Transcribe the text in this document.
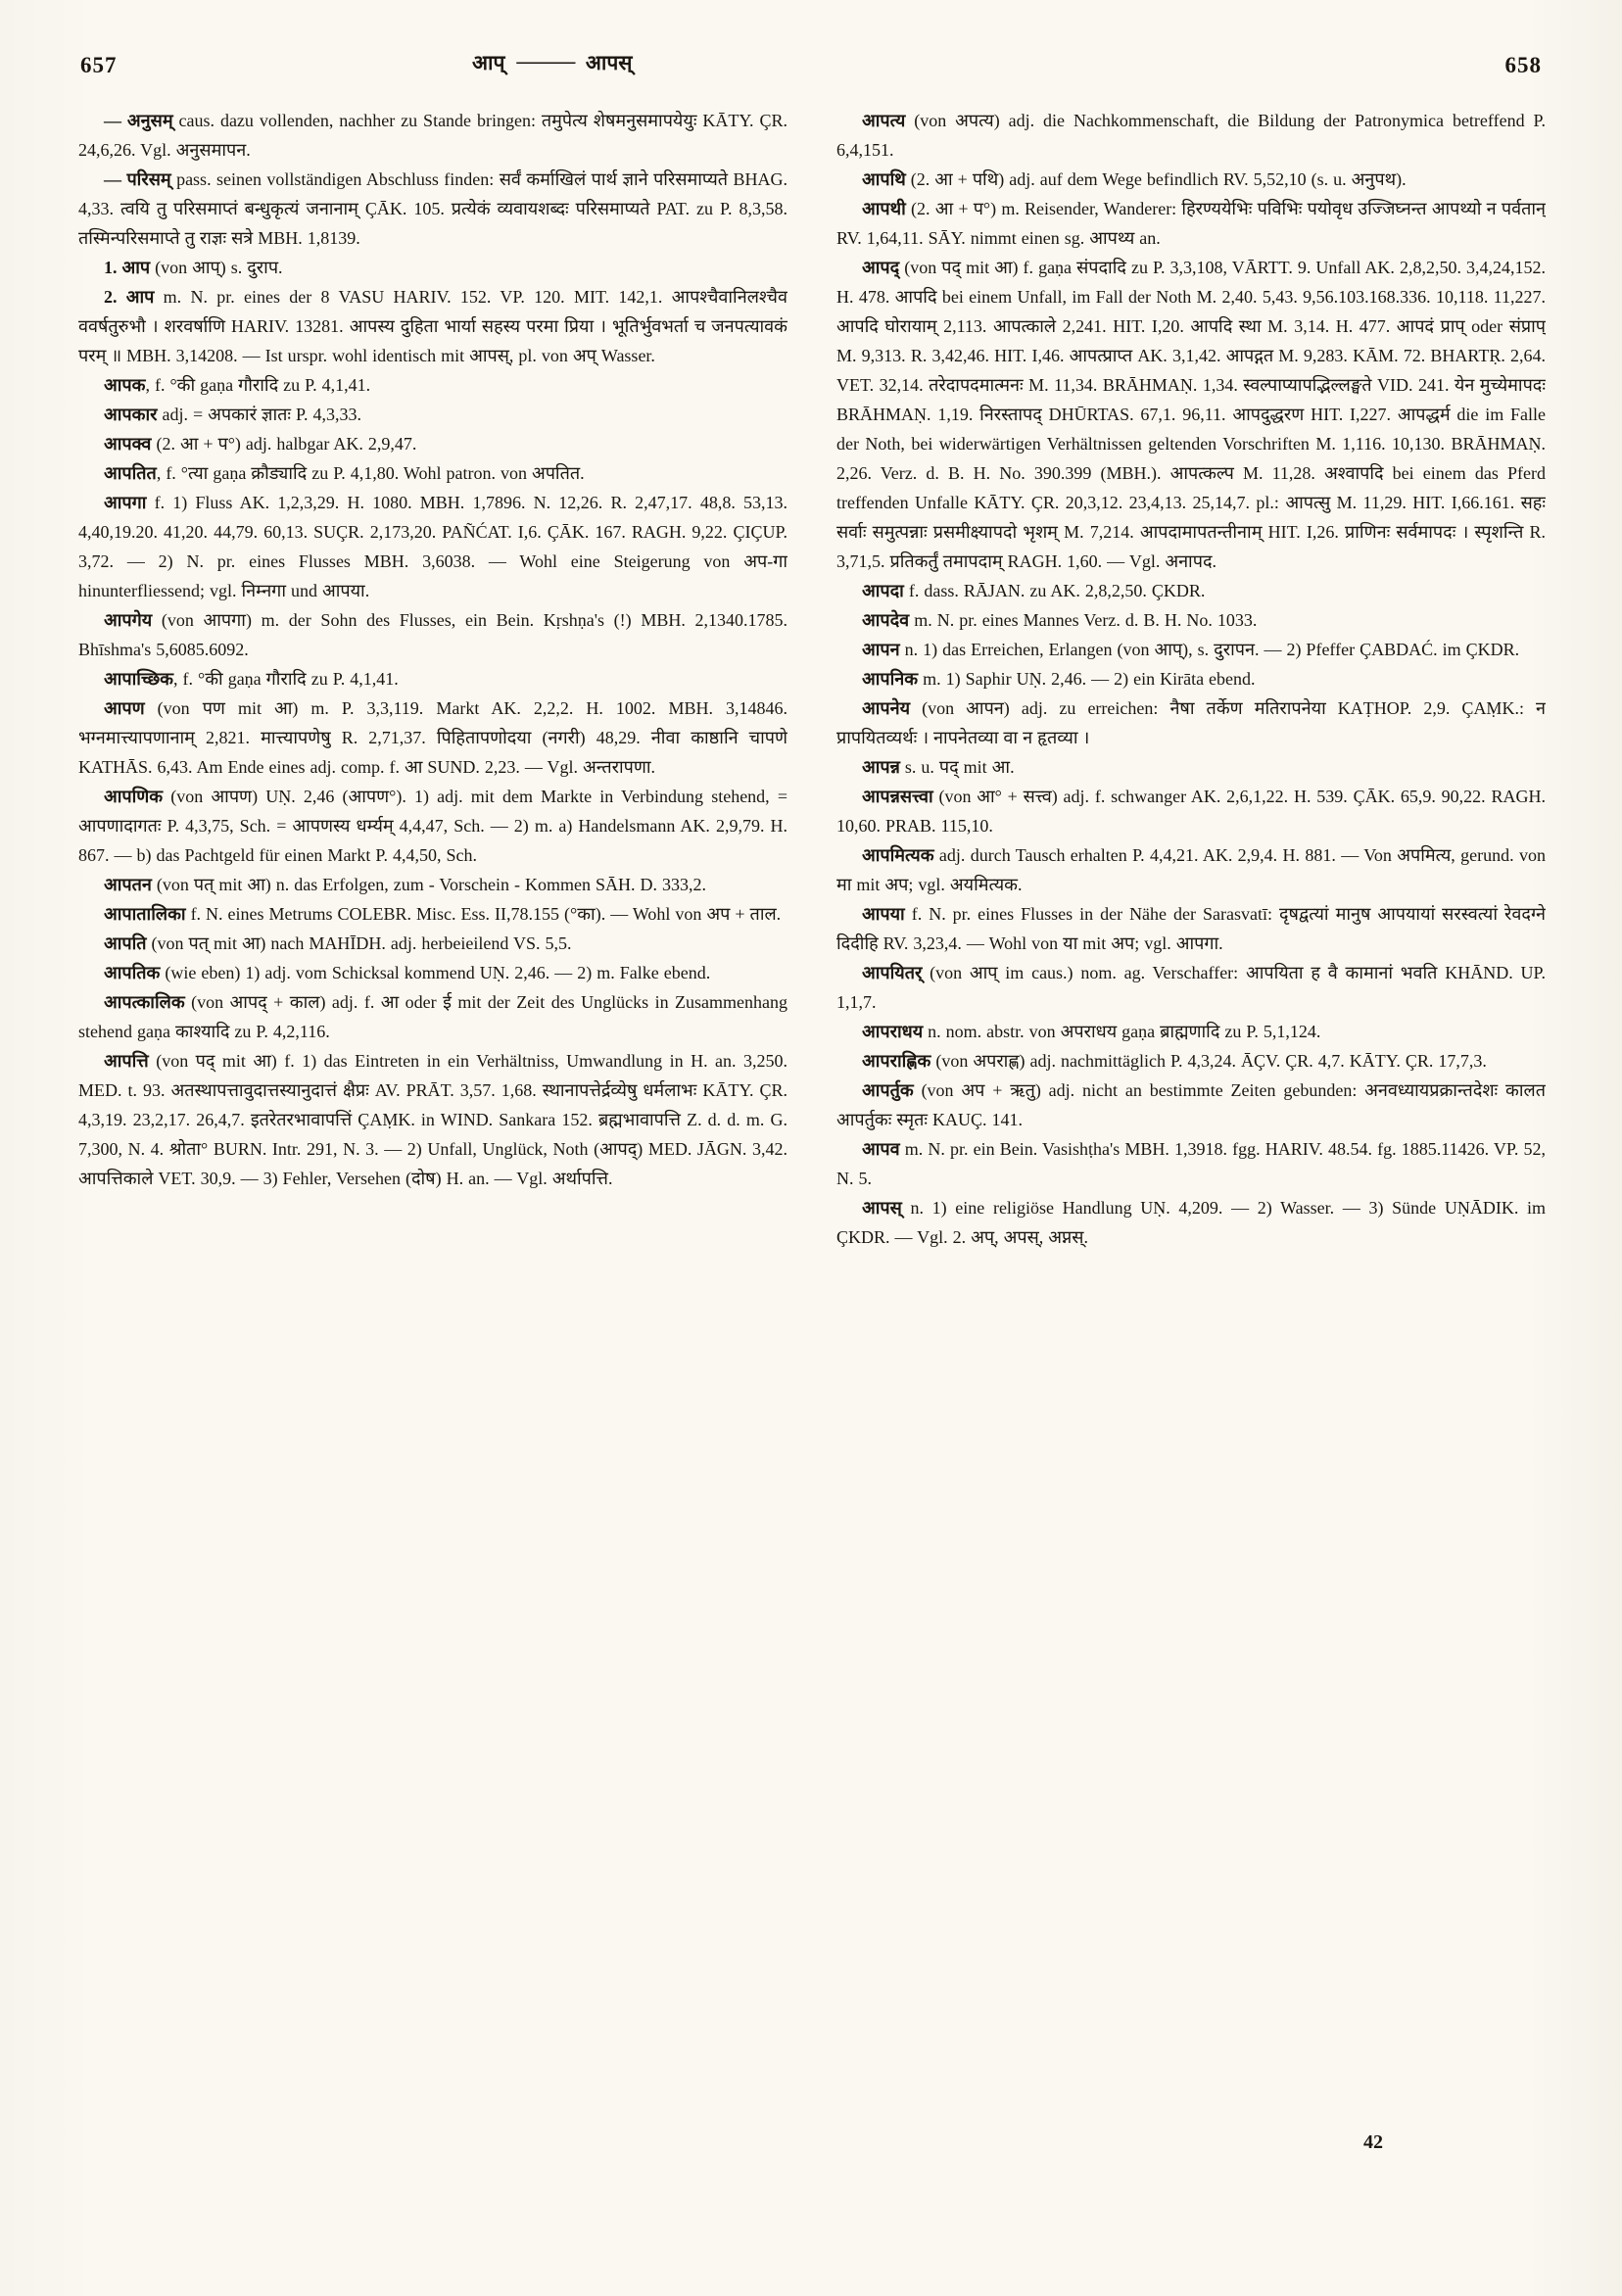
657	आप् ——— आपस्	658

— अनुसम् caus. dazu vollenden, nachher zu Stande bringen: तमुपेत्य शेषमनुसमापयेयुः KĀTY. ÇR. 24,6,26. Vgl. अनुसमापन.

— परिसम् pass. seinen vollständigen Abschluss finden: सर्वं कर्माखिलं पार्थ ज्ञाने परिसमाप्यते BHAG. 4,33. त्वयि तु परिसमाप्तं बन्धुकृत्यं जनानाम् ÇĀK. 105. प्रत्येकं व्यवायशब्दः परिसमाप्यते PAT. zu P. 8,3,58. तस्मिन्परिसमाप्ते तु राज्ञः सत्रे MBH. 1,8139.

1. आप (von आप्) s. दुराप.

2. आप m. N. pr. eines der 8 VASU HARIV. 152. VP. 120. MIT. 142,1. आपश्चैवानिलश्चैव ववर्षतुरुभौ । शरवर्षाणि HARIV. 13281. आपस्य दुहिता भार्या सहस्य परमा प्रिया । भूतिर्भुवभर्ता च जनपत्यावकं परम् ॥ MBH. 3,14208. — Ist urspr. wohl identisch mit आपस्, pl. von अप् Wasser.

आपक, f. °की gaṇa गौरादि zu P. 4,1,41.

आपकार adj. = अपकारं ज्ञातः P. 4,3,33.

आपक्व (2. आ + प°) adj. halbgar AK. 2,9,47.

आपतित, f. °त्या gaṇa क्रौड्यादि zu P. 4,1,80. Wohl patron. von अपतित.

आपगा f. 1) Fluss AK. 1,2,3,29. H. 1080. MBH. 1,7896. N. 12,26. R. 2,47,17. 48,8. 53,13. 4,40,19.20. 41,20. 44,79. 60,13. SUÇR. 2,173,20. PAÑĆAT. I,6. ÇĀK. 167. RAGH. 9,22. ÇIÇUP. 3,72. — 2) N. pr. eines Flusses MBH. 3,6038. — Wohl eine Steigerung von अप-गा hinunterfliessend; vgl. निम्नगा und आपया.

आपगेय (von आपगा) m. der Sohn des Flusses, ein Bein. Kṛshṇa's (!) MBH. 2,1340.1785. Bhīshma's 5,6085.6092.

आपाच्छिक, f. °की gaṇa गौरादि zu P. 4,1,41.

आपण (von पण mit आ) m. P. 3,3,119. Markt AK. 2,2,2. H. 1002. MBH. 3,14846. भग्नमात्त्यापणानाम् 2,821. मात्त्यापणेषु R. 2,71,37. पिहितापणोदया (नगरी) 48,29. नीवा काष्ठानि चापणे KATHĀS. 6,43. Am Ende eines adj. comp. f. आ SUND. 2,23. — Vgl. अन्तरापणा.

आपणिक (von आपण) UṆ. 2,46 (आपण°). 1) adj. mit dem Markte in Verbindung stehend, = आपणादागतः P. 4,3,75, Sch. = आपणस्य धर्म्यम् 4,4,47, Sch. — 2) m. a) Handelsmann AK. 2,9,79. H. 867. — b) das Pachtgeld für einen Markt P. 4,4,50, Sch.

आपतन (von पत् mit आ) n. das Erfolgen, zum - Vorschein - Kommen SĀH. D. 333,2.

आपातालिका f. N. eines Metrums COLEBR. Misc. Ess. II,78.155 (°का). — Wohl von अप + ताल.

आपति (von पत् mit आ) nach MAHĪDH. adj. herbeieilend VS. 5,5.

आपतिक (wie eben) 1) adj. vom Schicksal kommend UṆ. 2,46. — 2) m. Falke ebend.

आपत्कालिक (von आपद् + काल) adj. f. आ oder ई mit der Zeit des Unglücks in Zusammenhang stehend gaṇa काश्यादि zu P. 4,2,116.

आपत्ति (von पद् mit आ) f. 1) das Eintreten in ein Verhältniss, Umwandlung in H. an. 3,250. MED. t. 93. अतस्थापत्तावुदात्तस्यानुदात्तं क्षैप्रः AV. PRĀT. 3,57. 1,68. स्थानापत्तेर्द्रव्येषु धर्मलाभः KĀTY. ÇR. 4,3,19. 23,2,17. 26,4,7. इतरेतरभावापत्तिं ÇAṂK. in WIND. Sankara 152. ब्रह्मभावापत्ति Z. d. d. m. G. 7,300, N. 4. श्रोता° BURN. Intr. 291, N. 3. — 2) Unfall, Unglück, Noth (आपद्) MED. JĀGN. 3,42. आपत्तिकाले VET. 30,9. — 3) Fehler, Versehen (दोष) H. an. — Vgl. अर्थापत्ति.

आपत्य (von अपत्य) adj. die Nachkommenschaft, die Bildung der Patronymica betreffend P. 6,4,151.

आपथि (2. आ + पथि) adj. auf dem Wege befindlich RV. 5,52,10 (s. u. अनुपथ).

आपथी (2. आ + प°) m. Reisender, Wanderer: हिरण्ययेभिः पविभिः पयोवृध उज्जिघ्नन्त आपथ्यो न पर्वतान् RV. 1,64,11. SĀY. nimmt einen sg. आपथ्य an.

आपद् (von पद् mit आ) f. gaṇa संपदादि zu P. 3,3,108, VĀRTT. 9. Unfall AK. 2,8,2,50. 3,4,24,152. H. 478. आपदि bei einem Unfall, im Fall der Noth M. 2,40. 5,43. 9,56.103.168.336. 10,118. 11,227. आपदि घोरायाम् 2,113. आपत्काले 2,241. HIT. I,20. आपदि स्था M. 3,14. H. 477. आपदं प्राप् oder संप्राप् M. 9,313. R. 3,42,46. HIT. I,46. आपत्प्राप्त AK. 3,1,42. आपद्गत M. 9,283. KĀM. 72. BHARTṚ. 2,64. VET. 32,14. तरेदापदमात्मनः M. 11,34. BRĀHMAṆ. 1,34. स्वल्पाप्यापद्भिल्लङ्घते VID. 241. येन मुच्येमापदः BRĀHMAṆ. 1,19. निरस्तापद् DHŪRTAS. 67,1. 96,11. आपदुद्धरण HIT. I,227. आपद्धर्म die im Falle der Noth, bei widerwärtigen Verhältnissen geltenden Vorschriften M. 1,116. 10,130. BRĀHMAṆ. 2,26. Verz. d. B. H. No. 390.399 (MBH.). आपत्कल्प M. 11,28. अश्वापदि bei einem das Pferd treffenden Unfalle KĀTY. ÇR. 20,3,12. 23,4,13. 25,14,7. pl.: आपत्सु M. 11,29. HIT. I,66.161. सहः सर्वाः समुत्पन्नाः प्रसमीक्ष्यापदो भृशम् M. 7,214. आपदामापतन्तीनाम् HIT. I,26. प्राणिनः सर्वमापदः । स्पृशन्ति R. 3,71,5. प्रतिकर्तुं तमापदाम् RAGH. 1,60. — Vgl. अनापद.

आपदा f. dass. RĀJAN. zu AK. 2,8,2,50. ÇKDR.

आपदेव m. N. pr. eines Mannes Verz. d. B. H. No. 1033.

आपन n. 1) das Erreichen, Erlangen (von आप्), s. दुरापन. — 2) Pfeffer ÇABDAĆ. im ÇKDR.

आपनिक m. 1) Saphir UṆ. 2,46. — 2) ein Kirāta ebend.

आपनेय (von आपन) adj. zu erreichen: नैषा तर्केण मतिरापनेया KAṬHOP. 2,9. ÇAṂK.: न प्रापयितव्यर्थः । नापनेतव्या वा न हृतव्या ।

आपन्न s. u. पद् mit आ.

आपन्नसत्त्वा (von आ° + सत्त्व) adj. f. schwanger AK. 2,6,1,22. H. 539. ÇĀK. 65,9. 90,22. RAGH. 10,60. PRAB. 115,10.

आपमित्यक adj. durch Tausch erhalten P. 4,4,21. AK. 2,9,4. H. 881. — Von अपमित्य, gerund. von मा mit अप; vgl. अयमित्यक.

आपया f. N. pr. eines Flusses in der Nähe der Sarasvatī: दृषद्वत्यां मानुष आपयायां सरस्वत्यां रेवदग्ने दिदीहि RV. 3,23,4. — Wohl von या mit अप; vgl. आपगा.

आपयितर् (von आप् im caus.) nom. ag. Verschaffer: आपयिता ह वै कामानां भवति KHĀND. UP. 1,1,7.

आपराधय n. nom. abstr. von अपराधय gaṇa ब्राह्मणादि zu P. 5,1,124.

आपराह्णिक (von अपराह्ण) adj. nachmittäglich P. 4,3,24. ĀÇV. ÇR. 4,7. KĀTY. ÇR. 17,7,3.

आपर्तुक (von अप + ऋतु) adj. nicht an bestimmte Zeiten gebunden: अनवध्यायप्रक्रान्तदेशः कालत आपर्तुकः स्मृतः KAUÇ. 141.

आपव m. N. pr. ein Bein. Vasishṭha's MBH. 1,3918. fgg. HARIV. 48.54. fg. 1885.11426. VP. 52, N. 5.

आपस् n. 1) eine religiöse Handlung UṆ. 4,209. — 2) Wasser. — 3) Sünde UṆĀDIK. im ÇKDR. — Vgl. 2. अप्, अपस्, अप्नस्.

42
